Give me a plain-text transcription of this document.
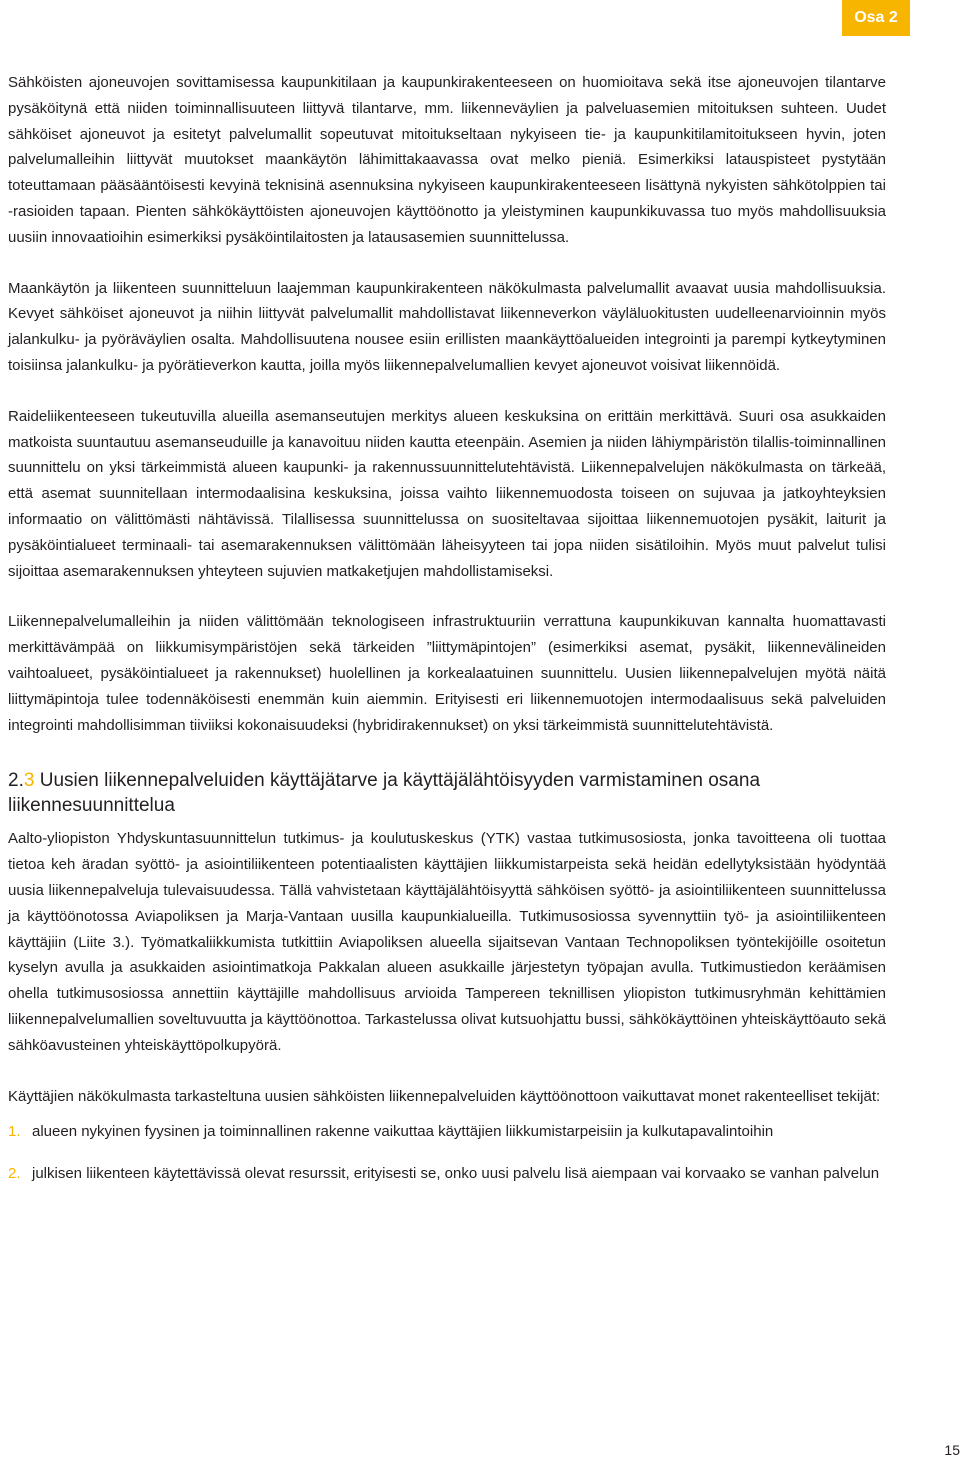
Osa 2

Sähköisten ajoneuvojen sovittamisessa kaupunkitilaan ja kaupunkirakenteeseen on huomioitava sekä itse ajoneuvojen tilantarve pysäköitynä että niiden toiminnallisuuteen liittyvä tilantarve, mm. liikenneväylien ja palveluasemien mitoituksen suhteen. Uudet sähköiset ajoneuvot ja esitetyt palvelumallit sopeutuvat mitoitukseltaan nykyiseen tie- ja kaupunkitilamitoitukseen hyvin, joten palvelumalleihin liittyvät muutokset maankäytön lähimittakaavassa ovat melko pieniä. Esimerkiksi latauspisteet pystytään toteuttamaan pääsääntöisesti kevyinä teknisinä asennuksina nykyiseen kaupunkirakenteeseen lisättynä nykyisten sähkötolppien tai -rasioiden tapaan. Pienten sähkökäyttöisten ajoneuvojen käyttöönotto ja yleistyminen kaupunkikuvassa tuo myös mahdollisuuksia uusiin innovaatioihin esimerkiksi pysäköintilaitosten ja latausasemien suunnittelussa.

Maankäytön ja liikenteen suunnitteluun laajemman kaupunkirakenteen näkökulmasta palvelumallit avaavat uusia mahdollisuuksia. Kevyet sähköiset ajoneuvot ja niihin liittyvät palvelumallit mahdollistavat liikenneverkon väyläluokitusten uudelleenarvioinnin myös jalankulku- ja pyöräväylien osalta. Mahdollisuutena nousee esiin erillisten maankäyttöalueiden integrointi ja parempi kytkeytyminen toisiinsa jalankulku- ja pyörätieverkon kautta, joilla myös liikennepalvelumallien kevyet ajoneuvot voisivat liikennöidä.

Raideliikenteeseen tukeutuvilla alueilla asemanseutujen merkitys alueen keskuksina on erittäin merkittävä. Suuri osa asukkaiden matkoista suuntautuu asemanseuduille ja kanavoituu niiden kautta eteenpäin. Asemien ja niiden lähiympäristön tilallis-toiminnallinen suunnittelu on yksi tärkeimmistä alueen kaupunki- ja rakennussuunnittelutehtävistä. Liikennepalvelujen näkökulmasta on tärkeää, että asemat suunnitellaan intermodaalisina keskuksina, joissa vaihto liikennemuodosta toiseen on sujuvaa ja jatkoyhteyksien informaatio on välittömästi nähtävissä. Tilallisessa suunnittelussa on suositeltavaa sijoittaa liikennemuotojen pysäkit, laiturit ja pysäköintialueet terminaali- tai asemarakennuksen välittömään läheisyyteen tai jopa niiden sisätiloihin. Myös muut palvelut tulisi sijoittaa asemarakennuksen yhteyteen sujuvien matkaketjujen mahdollistamiseksi.

Liikennepalvelumalleihin ja niiden välittömään teknologiseen infrastruktuuriin verrattuna kaupunkikuvan kannalta huomattavasti merkittävämpää on liikkumisympäristöjen sekä tärkeiden ”liittymäpintojen” (esimerkiksi asemat, pysäkit, liikennevälineiden vaihtoalueet, pysäköintialueet ja rakennukset) huolellinen ja korkealaatuinen suunnittelu. Uusien liikennepalvelujen myötä näitä liittymäpintoja tulee todennäköisesti enemmän kuin aiemmin. Erityisesti eri liikennemuotojen intermodaalisuus sekä palveluiden integrointi mahdollisimman tiiviiksi kokonaisuudeksi (hybridirakennukset) on yksi tärkeimmistä suunnittelutehtävistä.

2.3 Uusien liikennepalveluiden käyttäjätarve ja käyttäjälähtöisyyden varmistaminen osana liikennesuunnittelua

Aalto-yliopiston Yhdyskuntasuunnittelun tutkimus- ja koulutuskeskus (YTK) vastaa tutkimusosiosta, jonka tavoitteena oli tuottaa tietoa keh äradan syöttö- ja asiointiliikenteen potentiaalisten käyttäjien liikkumistarpeista sekä heidän edellytyksistään hyödyntää uusia liikennepalveluja tulevaisuudessa. Tällä vahvistetaan käyttäjälähtöisyyttä sähköisen syöttö- ja asiointiliikenteen suunnittelussa ja käyttöönotossa Aviapoliksen ja Marja-Vantaan uusilla kaupunkialueilla. Tutkimusosiossa syvennyttiin työ- ja asiointiliikenteen käyttäjiin (Liite 3.). Työmatkaliikkumista tutkittiin Aviapoliksen alueella sijaitsevan Vantaan Technopoliksen työntekijöille osoitetun kyselyn avulla ja asukkaiden asiointimatkoja Pakkalan alueen asukkaille järjestetyn työpajan avulla. Tutkimustiedon keräämisen ohella tutkimusosiossa annettiin käyttäjille mahdollisuus arvioida Tampereen teknillisen yliopiston tutkimusryhmän kehittämien liikennepalvelumallien soveltuvuutta ja käyttöönottoa. Tarkastelussa olivat kutsuohjattu bussi, sähkökäyttöinen yhteiskäyttöauto sekä sähköavusteinen yhteiskäyttöpolkupyörä.

Käyttäjien näkökulmasta tarkasteltuna uusien sähköisten liikennepalveluiden käyttöönottoon vaikuttavat monet rakenteelliset tekijät:

1. alueen nykyinen fyysinen ja toiminnallinen rakenne vaikuttaa käyttäjien liikkumistarpeisiin ja kulkutapavalintoihin
2. julkisen liikenteen käytettävissä olevat resurssit, erityisesti se, onko uusi palvelu lisä aiempaan vai korvaako se vanhan palvelun
15
